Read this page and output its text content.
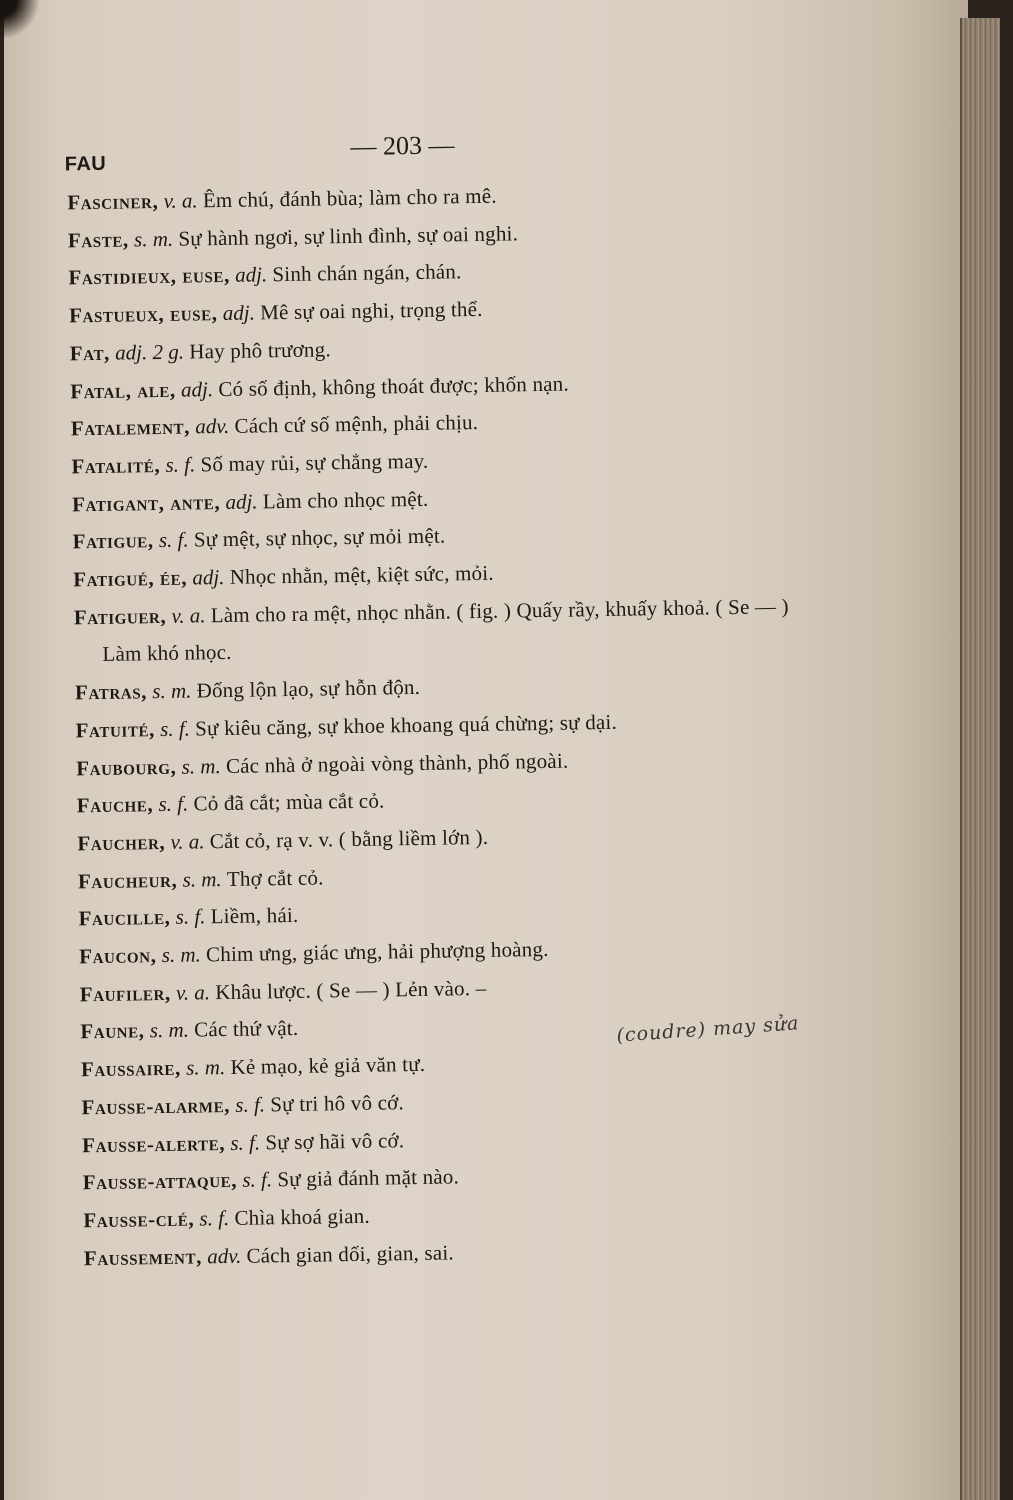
FAU
— 203 —
Fasciner, v. a. Êm chú, đánh bùa; làm cho ra mê.
Faste, s. m. Sự hành ngơi, sự linh đình, sự oai nghi.
Fastidieux, euse, adj. Sinh chán ngán, chán.
Fastueux, euse, adj. Mê sự oai nghi, trọng thể.
Fat, adj. 2 g. Hay phô trương.
Fatal, ale, adj. Có số định, không thoát được; khốn nạn.
Fatalement, adv. Cách cứ số mệnh, phải chịu.
Fatalité, s. f. Số may rủi, sự chẳng may.
Fatigant, ante, adj. Làm cho nhọc mệt.
Fatigue, s. f. Sự mệt, sự nhọc, sự mỏi mệt.
Fatigué, ée, adj. Nhọc nhằn, mệt, kiệt sức, mỏi.
Fatiguer, v. a. Làm cho ra mệt, nhọc nhằn. ( fig. ) Quấy rầy, khuấy khoả. ( Se — ) Làm khó nhọc.
Fatras, s. m. Đống lộn lạo, sự hỗn độn.
Fatuité, s. f. Sự kiêu căng, sự khoe khoang quá chừng; sự dại.
Faubourg, s. m. Các nhà ở ngoài vòng thành, phố ngoài.
Fauche, s. f. Cỏ đã cắt; mùa cắt cỏ.
Faucher, v. a. Cắt cỏ, rạ v. v. ( bằng liềm lớn ).
Faucheur, s. m. Thợ cắt cỏ.
Faucille, s. f. Liềm, hái.
Faucon, s. m. Chim ưng, giác ưng, hải phượng hoàng.
Faufiler, v. a. Khâu lược. ( Se — ) Lẻn vào. –
Faune, s. m. Các thứ vật.
Faussaire, s. m. Kẻ mạo, kẻ giả văn tự.
Fausse-alarme, s. f. Sự tri hô vô cớ.
Fausse-alerte, s. f. Sự sợ hãi vô cớ.
Fausse-attaque, s. f. Sự giả đánh mặt nào.
Fausse-clé, s. f. Chìa khoá gian.
Faussement, adv. Cách gian dối, gian, sai.
(coudre) may sửa
